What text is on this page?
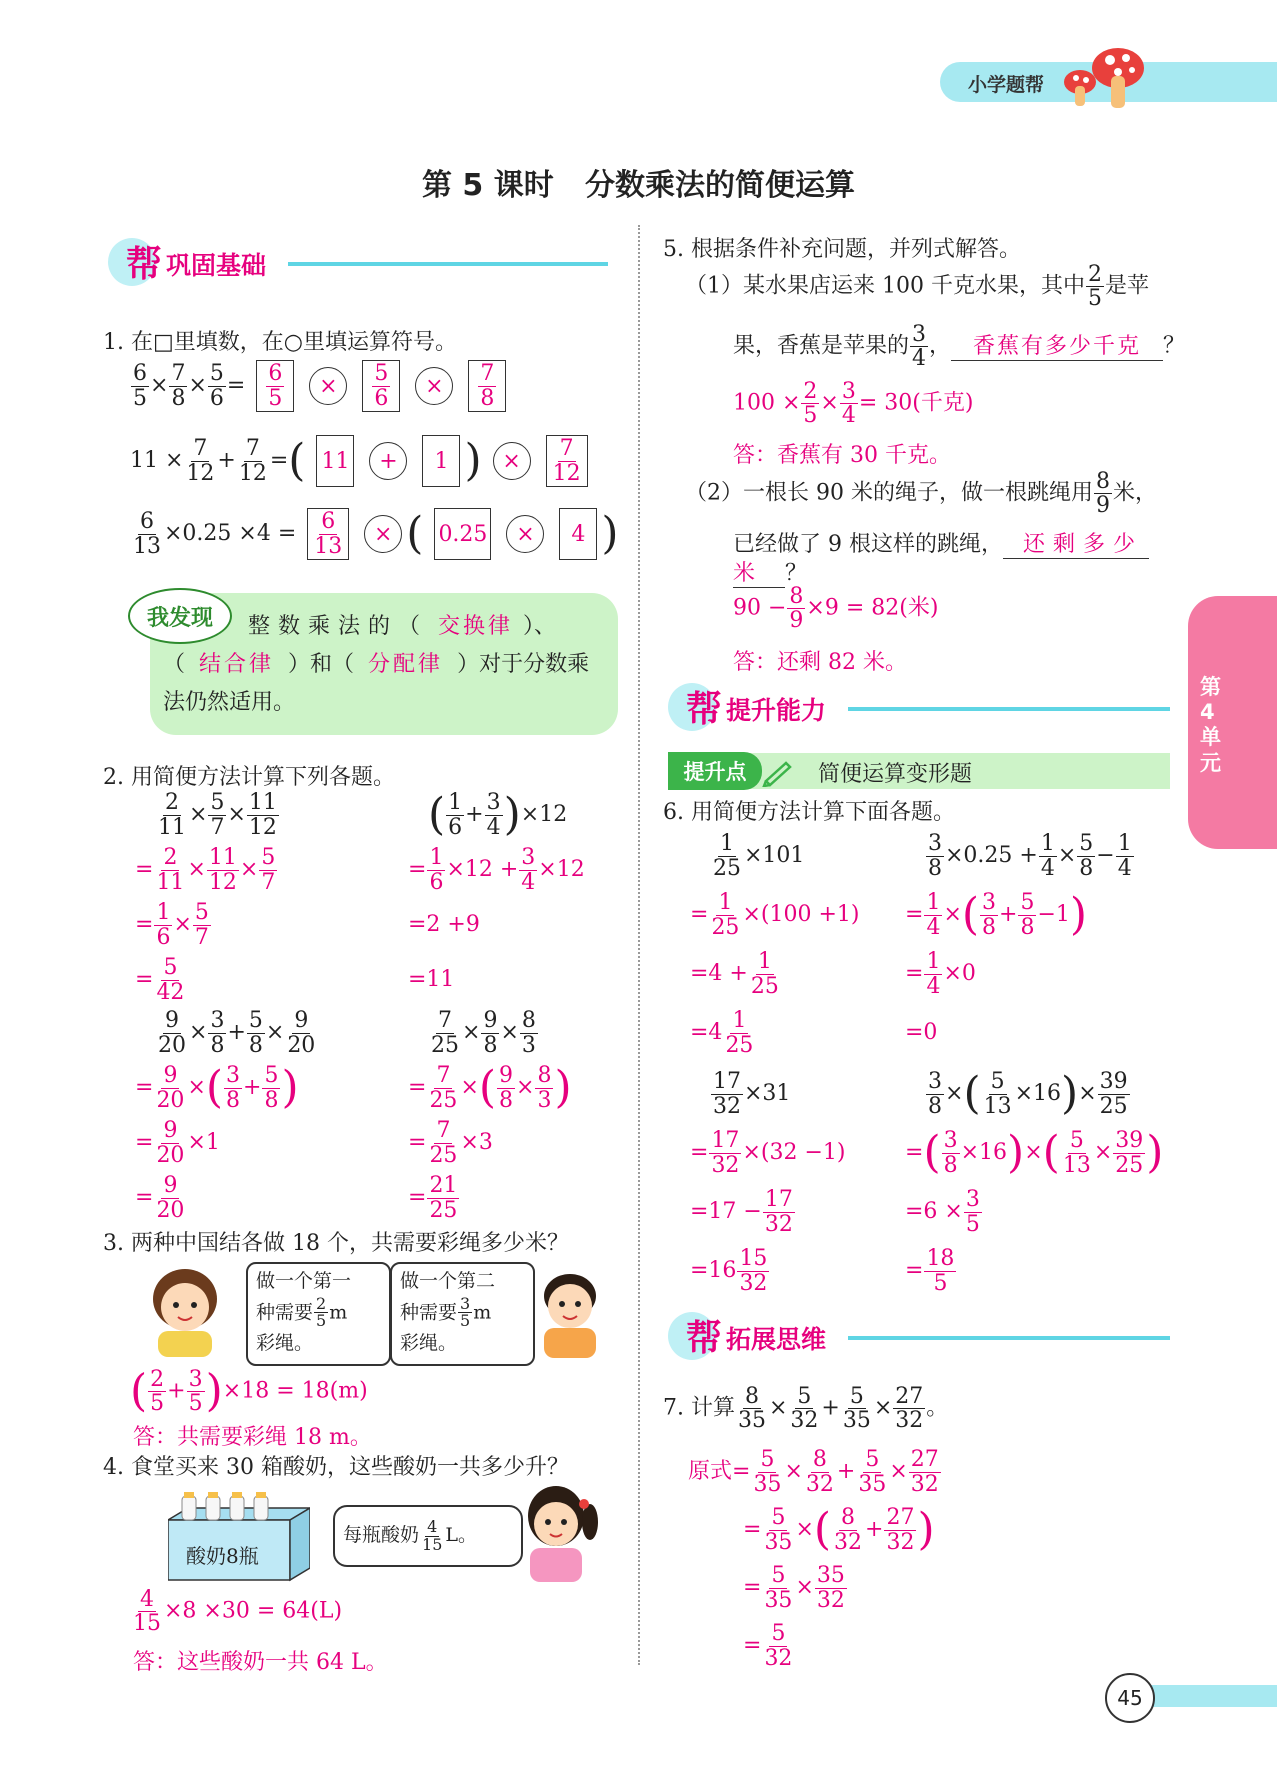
小学题帮
第 5 课时   分数乘法的简便运算
第4单元
帮 巩固基础
1. 在□里填数，在○里填运算符号。
$\frac{6}{5} \times \frac{7}{8} \times \frac{5}{6} = 6$
5 × 5
6 × 7
8
$11 \times \frac{7}{12} + \frac{7}{12}$ =( 11 + 1 ) × 7
12
$\frac{6}{13} \times 0.25 \times 4 = 6$
13 × ( 0.25 × 4 )
我发现	整数乘法的（ 交换律 ）、（ 结合律 ）和（ 分配律 ）对于分数乘法仍然适用。
2. 用简便方法计算下列各题。
$\frac{2}{11} \times \frac{5}{7} \times \frac{11}{12}$
= $\frac{2}{11} \times \frac{11}{12} \times \frac{5}{7}$
= $\frac{1}{6} \times \frac{5}{7}$
= $\frac{5}{42}$
( $\frac{1}{6} + \frac{3}{4} )\times 12$
= $\frac{1}{6} \times 12 + \frac{3}{4} \times 12$
=2 +9
=11
$\frac{9}{20} \times \frac{3}{8} + \frac{5}{8} \times \frac{9}{20}$
= $\frac{9}{20}$ ×( $\frac{3}{8} + \frac{5}{8}$ )
= $\frac{9}{20} \times 1$
= $\frac{9}{20}$
$\frac{7}{25} \times \frac{9}{8} \times \frac{8}{3}$
= $\frac{7}{25}$ ×( $\frac{9}{8} \times \frac{8}{3}$ )
= $\frac{7}{25} \times 3$
= $\frac{21}{25}$
3. 两种中国结各做 18 个，共需要彩绳多少米？
做一个第一
种需要 $\frac{2}{5}$ m
彩绳。
做一个第二
种需要 $\frac{3}{5}$ m
彩绳。
( $\frac{2}{5} + \frac{3}{5} )\times 18 = 18(m)$
答：共需要彩绳 18 m。
4. 食堂买来 30 箱酸奶，这些酸奶一共多少升？
酸奶8瓶
每瓶酸奶 4
15 L。
$\frac{4}{15} \times 8 \times 30 = 64(L)$
答：这些酸奶一共 64 L。
5. 根据条件补充问题，并列式解答。
（1）某水果店运来 100 千克水果，其中 $\frac{2}{5}$ 是苹
果，香蕉是苹果的 $\frac{3}{4}$ ， 香蕉有多少千克 ？
$100 \times \frac{2}{5} \times \frac{3}{4} = 30$(千克)
答：香蕉有 30 千克。
（2）一根长 90 米的绳子，做一根跳绳用 $\frac{8}{9}$ 米，
已经做了 9 根这样的跳绳， 还剩多少
米 ？
$90 - \frac{8}{9} \times 9 = 82$(米)
答：还剩 82 米。
帮 提升能力
提升点	简便运算变形题
6. 用简便方法计算下面各题。
$\frac{1}{25} \times 101$
= $\frac{1}{25} \times(100 +1)$
$=4 + \frac{1}{25}$
$=4 \frac{1}{25}$
$\frac{3}{8} \times 0.25 + \frac{1}{4} \times \frac{5}{8} - \frac{1}{4}$
= $\frac{1}{4}$ ×( $\frac{3}{8} + \frac{5}{8} -1$)
= $\frac{1}{4} \times 0$
=0
$\frac{17}{32} \times 31$
= $\frac{17}{32} \times(32 -1)$
$=17 - \frac{17}{32}$
$=16 \frac{15}{32}$
$\frac{3}{8}$ ×( $\frac{5}{13} \times 16)\times \frac{39}{25}$
=( $\frac{3}{8} \times 16)\times( \frac{5}{13} \times \frac{39}{25}$ )
$=6 \times \frac{3}{5}$
= $\frac{18}{5}$
帮 拓展思维
7. 计算 $\frac{8}{35} \times \frac{5}{32} + \frac{5}{35} \times \frac{27}{32}$ 。
原式= $\frac{5}{35} \times \frac{8}{32} + \frac{5}{35} \times \frac{27}{32}$
= $\frac{5}{35}$ ×( $\frac{8}{32} + \frac{27}{32}$ )
= $\frac{5}{35} \times \frac{35}{32}$
= $\frac{5}{32}$
45
